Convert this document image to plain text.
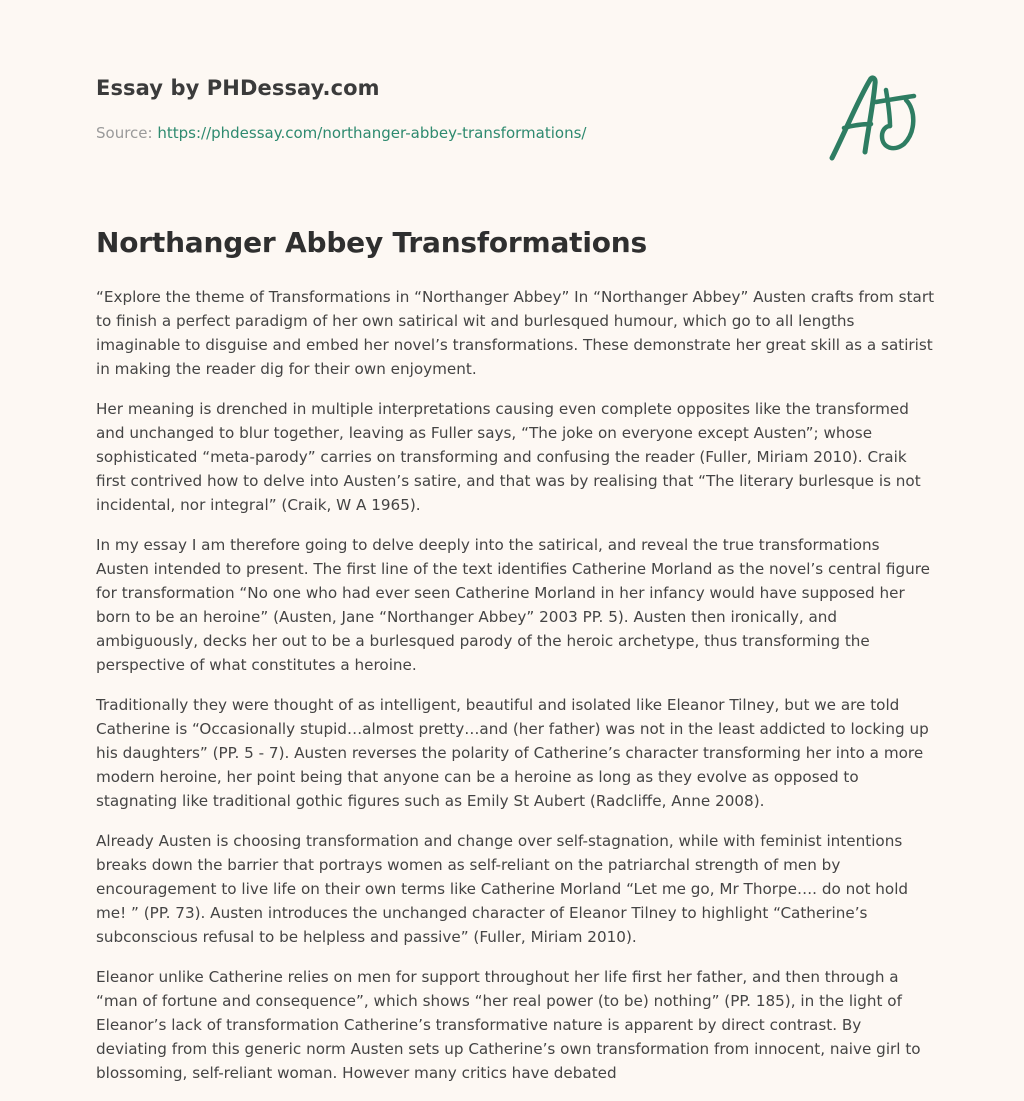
Essay by PHDessay.com
Source: https://phdessay.com/northanger-abbey-transformations/
Northanger Abbey Transformations

“Explore the theme of Transformations in “Northanger Abbey” In “Northanger Abbey” Austen crafts from start to finish a perfect paradigm of her own satirical wit and burlesqued humour, which go to all lengths imaginable to disguise and embed her novel’s transformations. These demonstrate her great skill as a satirist in making the reader dig for their own enjoyment.

Her meaning is drenched in multiple interpretations causing even complete opposites like the transformed and unchanged to blur together, leaving as Fuller says, “The joke on everyone except Austen”; whose sophisticated “meta-parody” carries on transforming and confusing the reader (Fuller, Miriam 2010). Craik first contrived how to delve into Austen’s satire, and that was by realising that “The literary burlesque is not incidental, nor integral” (Craik, W A 1965).

In my essay I am therefore going to delve deeply into the satirical, and reveal the true transformations Austen intended to present. The first line of the text identifies Catherine Morland as the novel’s central figure for transformation “No one who had ever seen Catherine Morland in her infancy would have supposed her born to be an heroine” (Austen, Jane “Northanger Abbey” 2003 PP. 5). Austen then ironically, and ambiguously, decks her out to be a burlesqued parody of the heroic archetype, thus transforming the perspective of what constitutes a heroine.

Traditionally they were thought of as intelligent, beautiful and isolated like Eleanor Tilney, but we are told Catherine is “Occasionally stupid…almost pretty…and (her father) was not in the least addicted to locking up his daughters” (PP. 5 - 7). Austen reverses the polarity of Catherine’s character transforming her into a more modern heroine, her point being that anyone can be a heroine as long as they evolve as opposed to stagnating like traditional gothic figures such as Emily St Aubert (Radcliffe, Anne 2008).

Already Austen is choosing transformation and change over self-stagnation, while with feminist intentions breaks down the barrier that portrays women as self-reliant on the patriarchal strength of men by encouragement to live life on their own terms like Catherine Morland “Let me go, Mr Thorpe…. do not hold me! ” (PP. 73). Austen introduces the unchanged character of Eleanor Tilney to highlight “Catherine’s subconscious refusal to be helpless and passive” (Fuller, Miriam 2010).

Eleanor unlike Catherine relies on men for support throughout her life first her father, and then through a “man of fortune and consequence”, which shows “her real power (to be) nothing” (PP. 185), in the light of Eleanor’s lack of transformation Catherine’s transformative nature is apparent by direct contrast. By deviating from this generic norm Austen sets up Catherine’s own transformation from innocent, naive girl to blossoming, self-reliant woman. However many critics have debated
